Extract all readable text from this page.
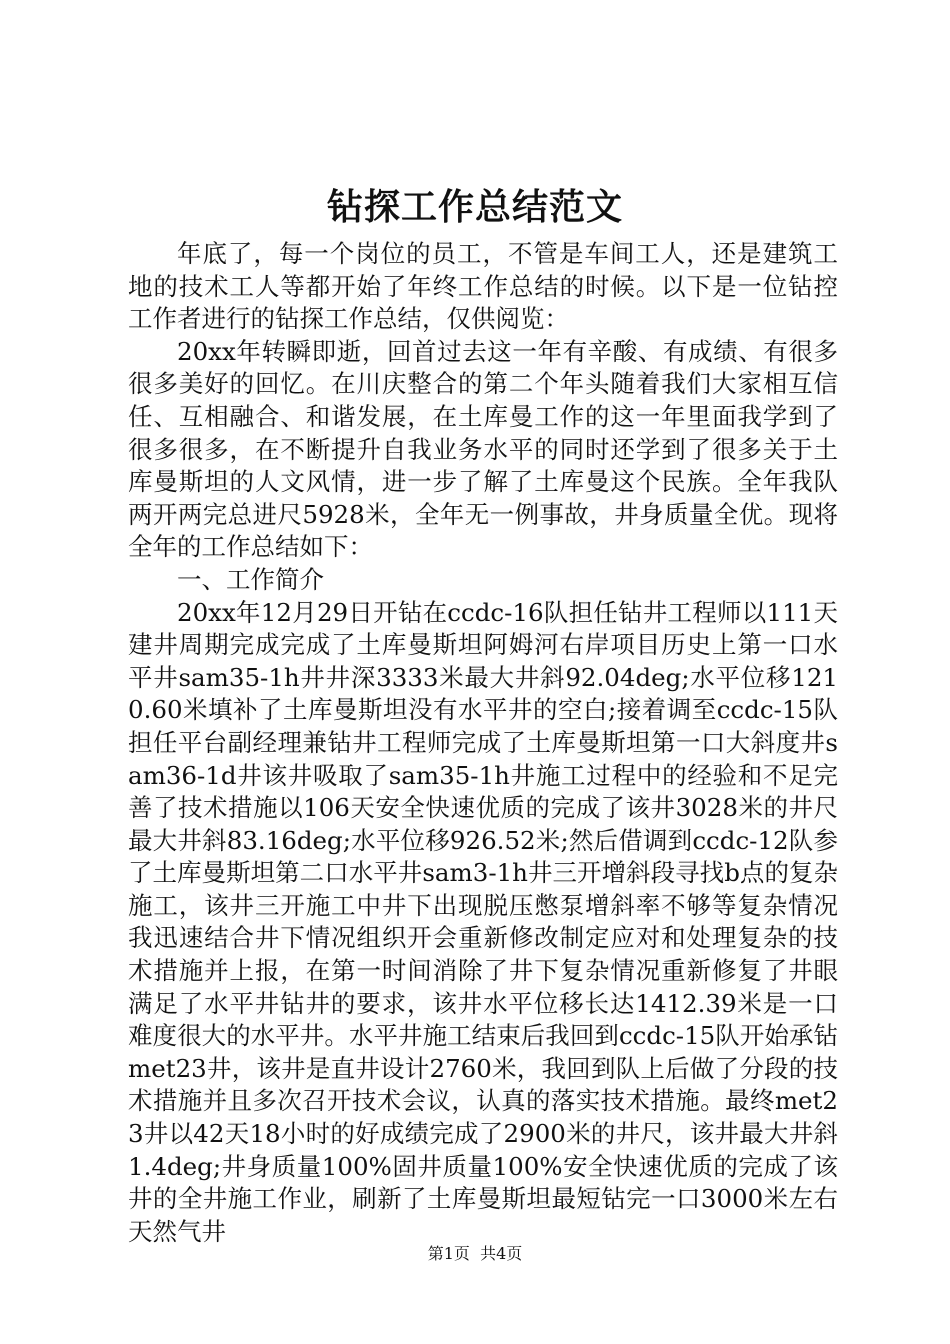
钻探工作总结范文

年底了，每一个岗位的员工，不管是车间工人，还是建筑工地的技术工人等都开始了年终工作总结的时候。以下是一位钻控工作者进行的钻探工作总结，仅供阅览：

20xx年转瞬即逝，回首过去这一年有辛酸、有成绩、有很多很多美好的回忆。在川庆整合的第二个年头随着我们大家相互信任、互相融合、和谐发展，在土库曼工作的这一年里面我学到了很多很多，在不断提升自我业务水平的同时还学到了很多关于土库曼斯坦的人文风情，进一步了解了土库曼这个民族。全年我队两开两完总进尺5928米，全年无一例事故，井身质量全优。现将全年的工作总结如下：

一、工作简介

20xx年12月29日开钻在ccdc-16队担任钻井工程师以111天建井周期完成完成了土库曼斯坦阿姆河右岸项目历史上第一口水平井sam35-1h井井深3333米最大井斜92.04deg;水平位移1210.60米填补了土库曼斯坦没有水平井的空白;接着调至ccdc-15队担任平台副经理兼钻井工程师完成了土库曼斯坦第一口大斜度井sam36-1d井该井吸取了sam35-1h井施工过程中的经验和不足完善了技术措施以106天安全快速优质的完成了该井3028米的井尺最大井斜83.16deg;水平位移926.52米;然后借调到ccdc-12队参了土库曼斯坦第二口水平井sam3-1h井三开增斜段寻找b点的复杂施工，该井三开施工中井下出现脱压憋泵增斜率不够等复杂情况我迅速结合井下情况组织开会重新修改制定应对和处理复杂的技术措施并上报，在第一时间消除了井下复杂情况重新修复了井眼满足了水平井钻井的要求，该井水平位移长达1412.39米是一口难度很大的水平井。水平井施工结束后我回到ccdc-15队开始承钻met23井，该井是直井设计2760米，我回到队上后做了分段的技术措施并且多次召开技术会议，认真的落实技术措施。最终met23井以42天18小时的好成绩完成了2900米的井尺，该井最大井斜1.4deg;井身质量100%固井质量100%安全快速优质的完成了该井的全井施工作业，刷新了土库曼斯坦最短钻完一口3000米左右天然气井

第1页  共4页
